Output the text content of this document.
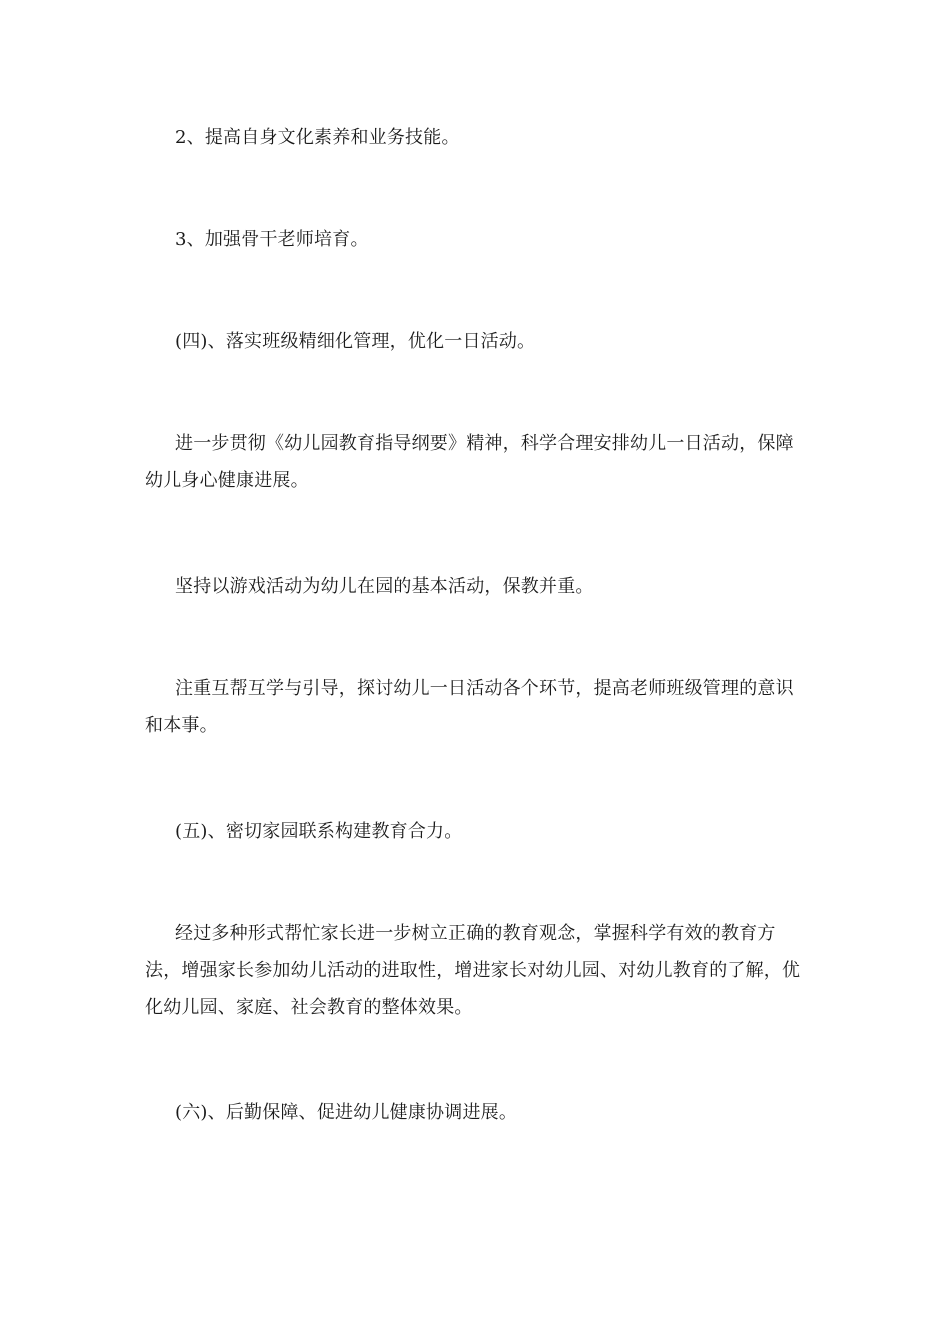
2、提高自身文化素养和业务技能。

3、加强骨干老师培育。

(四)、落实班级精细化管理，优化一日活动。

进一步贯彻《幼儿园教育指导纲要》精神，科学合理安排幼儿一日活动，保障幼儿身心健康进展。

坚持以游戏活动为幼儿在园的基本活动，保教并重。

注重互帮互学与引导，探讨幼儿一日活动各个环节，提高老师班级管理的意识和本事。

(五)、密切家园联系构建教育合力。

经过多种形式帮忙家长进一步树立正确的教育观念，掌握科学有效的教育方法，增强家长参加幼儿活动的进取性，增进家长对幼儿园、对幼儿教育的了解，优化幼儿园、家庭、社会教育的整体效果。

(六)、后勤保障、促进幼儿健康协调进展。
